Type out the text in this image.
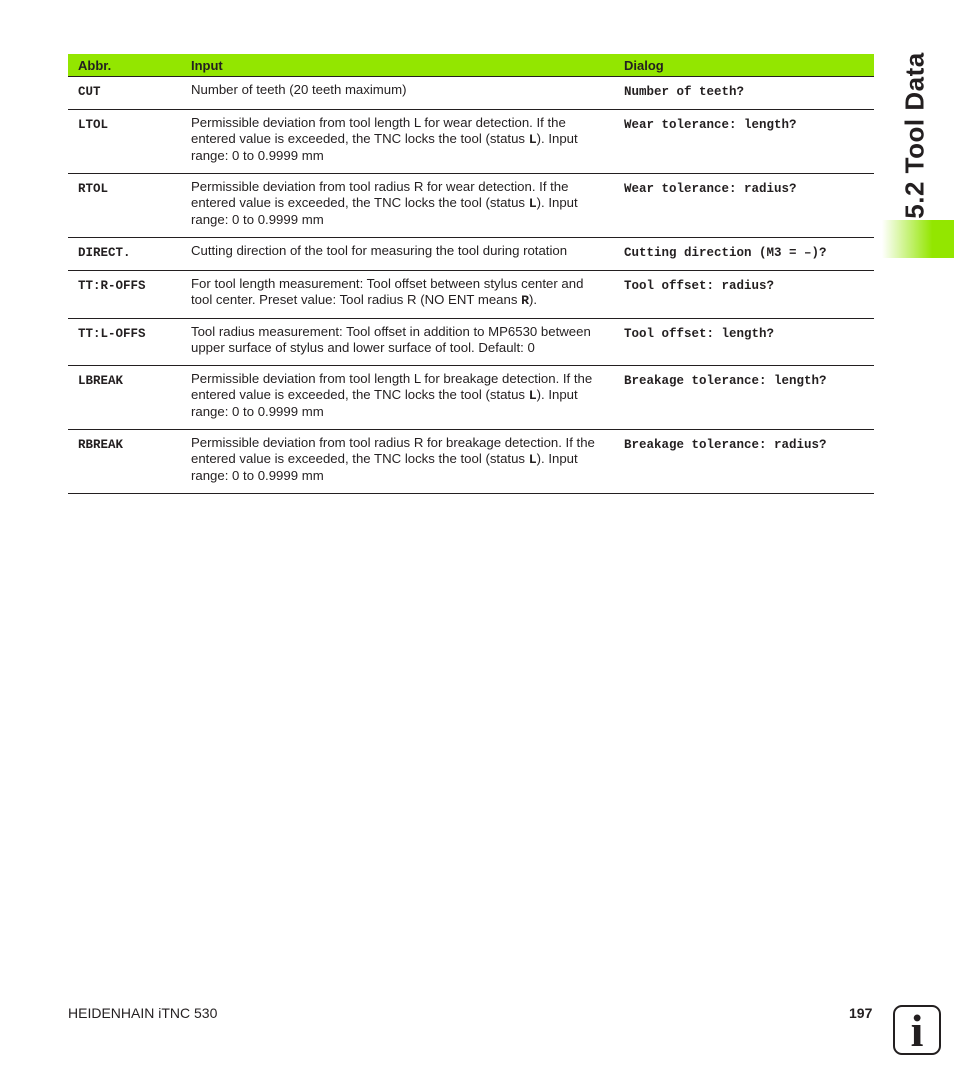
Abbr.	Input	Dialog
CUT	Number of teeth (20 teeth maximum)	Number of teeth?
LTOL	Permissible deviation from tool length L for wear detection. If the entered value is exceeded, the TNC locks the tool (status L). Input range: 0 to 0.9999 mm	Wear tolerance: length?
RTOL	Permissible deviation from tool radius R for wear detection. If the entered value is exceeded, the TNC locks the tool (status L). Input range: 0 to 0.9999 mm	Wear tolerance: radius?
DIRECT.	Cutting direction of the tool for measuring the tool during rotation	Cutting direction (M3 = –)?
TT:R-OFFS	For tool length measurement: Tool offset between stylus center and tool center. Preset value: Tool radius R (NO ENT means R).	Tool offset: radius?
TT:L-OFFS	Tool radius measurement: Tool offset in addition to MP6530 between upper surface of stylus and lower surface of tool. Default: 0	Tool offset: length?
LBREAK	Permissible deviation from tool length L for breakage detection. If the entered value is exceeded, the TNC locks the tool (status L). Input range: 0 to 0.9999 mm	Breakage tolerance: length?
RBREAK	Permissible deviation from tool radius R for breakage detection. If the entered value is exceeded, the TNC locks the tool (status L). Input range: 0 to 0.9999 mm	Breakage tolerance: radius?
5.2 Tool Data
HEIDENHAIN iTNC 530	197 i
